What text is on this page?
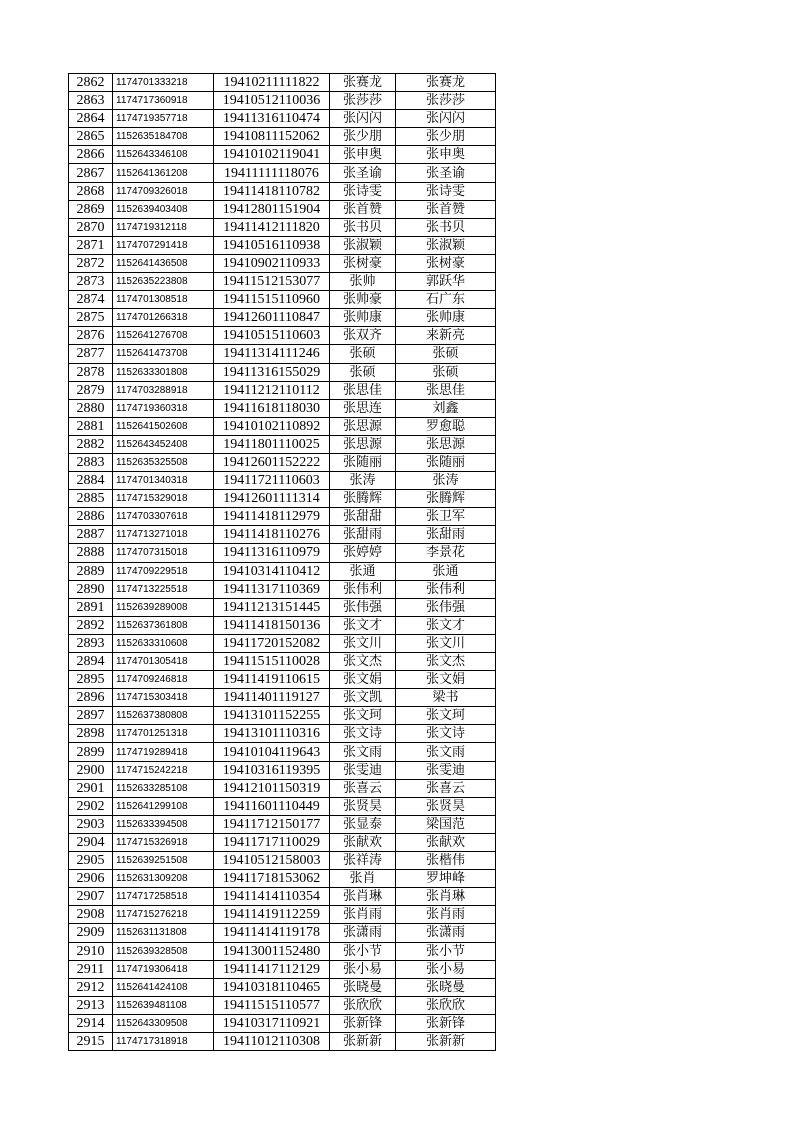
2862	1174701333218	19410211111822	张赛龙	张赛龙
2863	1174717360918	19410512110036	张莎莎	张莎莎
2864	1174719357718	19411316110474	张闪闪	张闪闪
2865	1152635184708	19410811152062	张少朋	张少朋
2866	1152643346108	19410102119041	张申奥	张申奥
2867	1152641361208	19411111118076	张圣谕	张圣谕
2868	1174709326018	19411418110782	张诗雯	张诗雯
2869	1152639403408	19412801151904	张首赞	张首赞
2870	1174719312118	19411412111820	张书贝	张书贝
2871	1174707291418	19410516110938	张淑颖	张淑颖
2872	1152641436508	19410902110933	张树豪	张树豪
2873	1152635223808	19411512153077	张帅	郭跃华
2874	1174701308518	19411515110960	张帅豪	石广东
2875	1174701266318	19412601110847	张帅康	张帅康
2876	1152641276708	19410515110603	张双齐	来新亮
2877	1152641473708	19411314111246	张硕	张硕
2878	1152633301808	19411316155029	张硕	张硕
2879	1174703288918	19411212110112	张思佳	张思佳
2880	1174719360318	19411618118030	张思连	刘鑫
2881	1152641502608	19410102110892	张思源	罗愈聪
2882	1152643452408	19411801110025	张思源	张思源
2883	1152635325508	19412601152222	张随丽	张随丽
2884	1174701340318	19411721110603	张涛	张涛
2885	1174715329018	19412601111314	张腾辉	张腾辉
2886	1174703307618	19411418112979	张甜甜	张卫军
2887	1174713271018	19411418110276	张甜雨	张甜雨
2888	1174707315018	19411316110979	张婷婷	李景花
2889	1174709229518	19410314110412	张通	张通
2890	1174713225518	19411317110369	张伟利	张伟利
2891	1152639289008	19411213151445	张伟强	张伟强
2892	1152637361808	19411418150136	张文才	张文才
2893	1152633310608	19411720152082	张文川	张文川
2894	1174701305418	19411515110028	张文杰	张文杰
2895	1174709246818	19411419110615	张文娟	张文娟
2896	1174715303418	19411401119127	张文凯	梁书
2897	1152637380808	19413101152255	张文珂	张文珂
2898	1174701251318	19413101110316	张文诗	张文诗
2899	1174719289418	19410104119643	张文雨	张文雨
2900	1174715242218	19410316119395	张雯迪	张雯迪
2901	1152633285108	19412101150319	张喜云	张喜云
2902	1152641299108	19411601110449	张贤昊	张贤昊
2903	1152633394508	19411712150177	张显泰	梁国范
2904	1174715326918	19411717110029	张献欢	张献欢
2905	1152639251508	19410512158003	张祥涛	张楷伟
2906	1152631309208	19411718153062	张肖	罗坤峰
2907	1174717258518	19411414110354	张肖琳	张肖琳
2908	1174715276218	19411419112259	张肖雨	张肖雨
2909	1152631131808	19411414119178	张潇雨	张潇雨
2910	1152639328508	19413001152480	张小节	张小节
2911	1174719306418	19411417112129	张小易	张小易
2912	1152641424108	19410318110465	张晓曼	张晓曼
2913	1152639481108	19411515110577	张欣欣	张欣欣
2914	1152643309508	19410317110921	张新锋	张新锋
2915	1174717318918	19411012110308	张新新	张新新
